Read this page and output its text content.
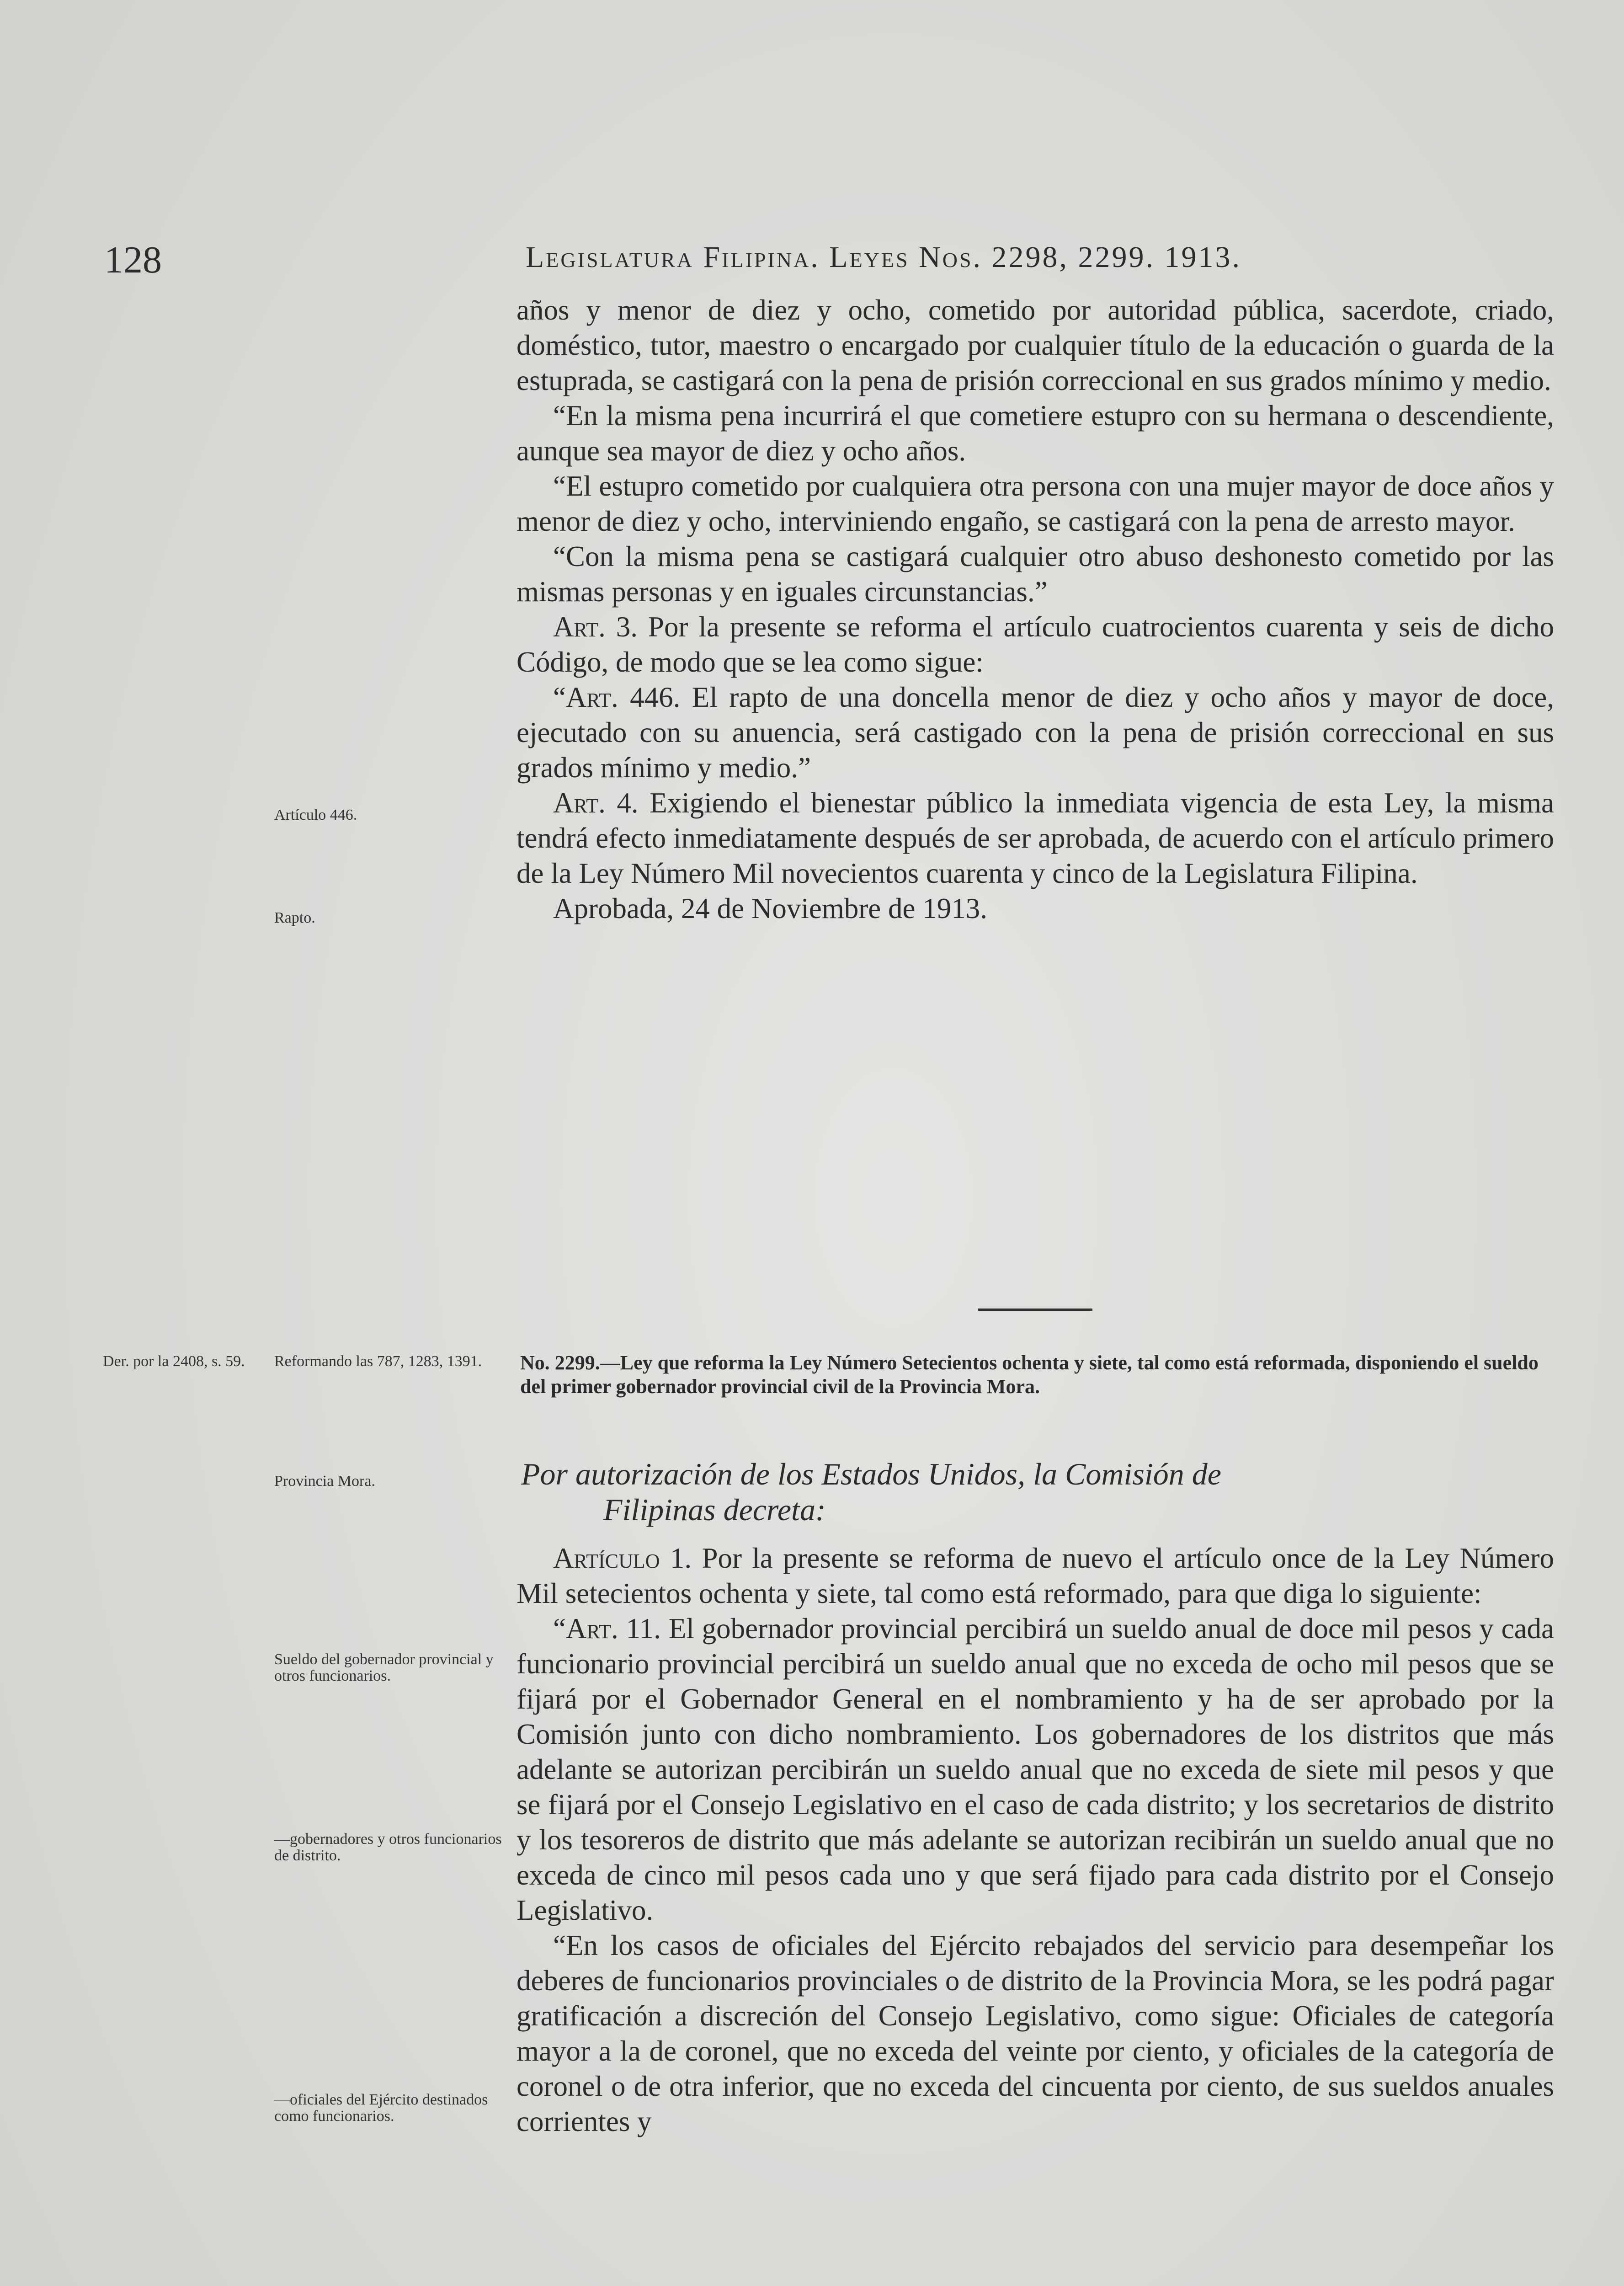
128	Legislatura Filipina. Leyes Nos. 2298, 2299. 1913.

años y menor de diez y ocho, cometido por autoridad pública, sacerdote, criado, doméstico, tutor, maestro o encargado por cualquier título de la educación o guarda de la estuprada, se castigará con la pena de prisión correccional en sus grados mínimo y medio.

“En la misma pena incurrirá el que cometiere estupro con su hermana o descendiente, aunque sea mayor de diez y ocho años.

“El estupro cometido por cualquiera otra persona con una mujer mayor de doce años y menor de diez y ocho, interviniendo engaño, se castigará con la pena de arresto mayor.

“Con la misma pena se castigará cualquier otro abuso deshonesto cometido por las mismas personas y en iguales circunstancias.”

Art. 3. Por la presente se reforma el artículo cuatrocientos cuarenta y seis de dicho Código, de modo que se lea como sigue:

“Art. 446. El rapto de una doncella menor de diez y ocho años y mayor de doce, ejecutado con su anuencia, será castigado con la pena de prisión correccional en sus grados mínimo y medio.”

Art. 4. Exigiendo el bienestar público la inmediata vigencia de esta Ley, la misma tendrá efecto inmediatamente después de ser aprobada, de acuerdo con el artículo primero de la Ley Número Mil novecientos cuarenta y cinco de la Legislatura Filipina.

Aprobada, 24 de Noviembre de 1913.

No. 2299.—Ley que reforma la Ley Número Setecientos ochenta y siete, tal como está reformada, disponiendo el sueldo del primer gobernador provincial civil de la Provincia Mora.
Por autorización de los Estados Unidos, la Comisión de
Filipinas decreta:

Artículo 1. Por la presente se reforma de nuevo el artículo once de la Ley Número Mil setecientos ochenta y siete, tal como está reformado, para que diga lo siguiente:

“Art. 11. El gobernador provincial percibirá un sueldo anual de doce mil pesos y cada funcionario provincial percibirá un sueldo anual que no exceda de ocho mil pesos que se fijará por el Gobernador General en el nombramiento y ha de ser aprobado por la Comisión junto con dicho nombramiento. Los gobernadores de los distritos que más adelante se autorizan percibirán un sueldo anual que no exceda de siete mil pesos y que se fijará por el Consejo Legislativo en el caso de cada distrito; y los secretarios de distrito y los tesoreros de distrito que más adelante se autorizan recibirán un sueldo anual que no exceda de cinco mil pesos cada uno y que será fijado para cada distrito por el Consejo Legislativo.

“En los casos de oficiales del Ejército rebajados del servicio para desempeñar los deberes de funcionarios provinciales o de distrito de la Provincia Mora, se les podrá pagar gratificación a discreción del Consejo Legislativo, como sigue: Oficiales de categoría mayor a la de coronel, que no exceda del veinte por ciento, y oficiales de la categoría de coronel o de otra inferior, que no exceda del cincuenta por ciento, de sus sueldos anuales corrientes y

Artículo 446.
Rapto.
Der. por la 2408, s. 59.	Reformando las 787, 1283, 1391.
Provincia Mora.
Sueldo del gobernador provincial y otros funcionarios.
—gobernadores y otros funcionarios de distrito.
—oficiales del Ejército destinados como funcionarios.
